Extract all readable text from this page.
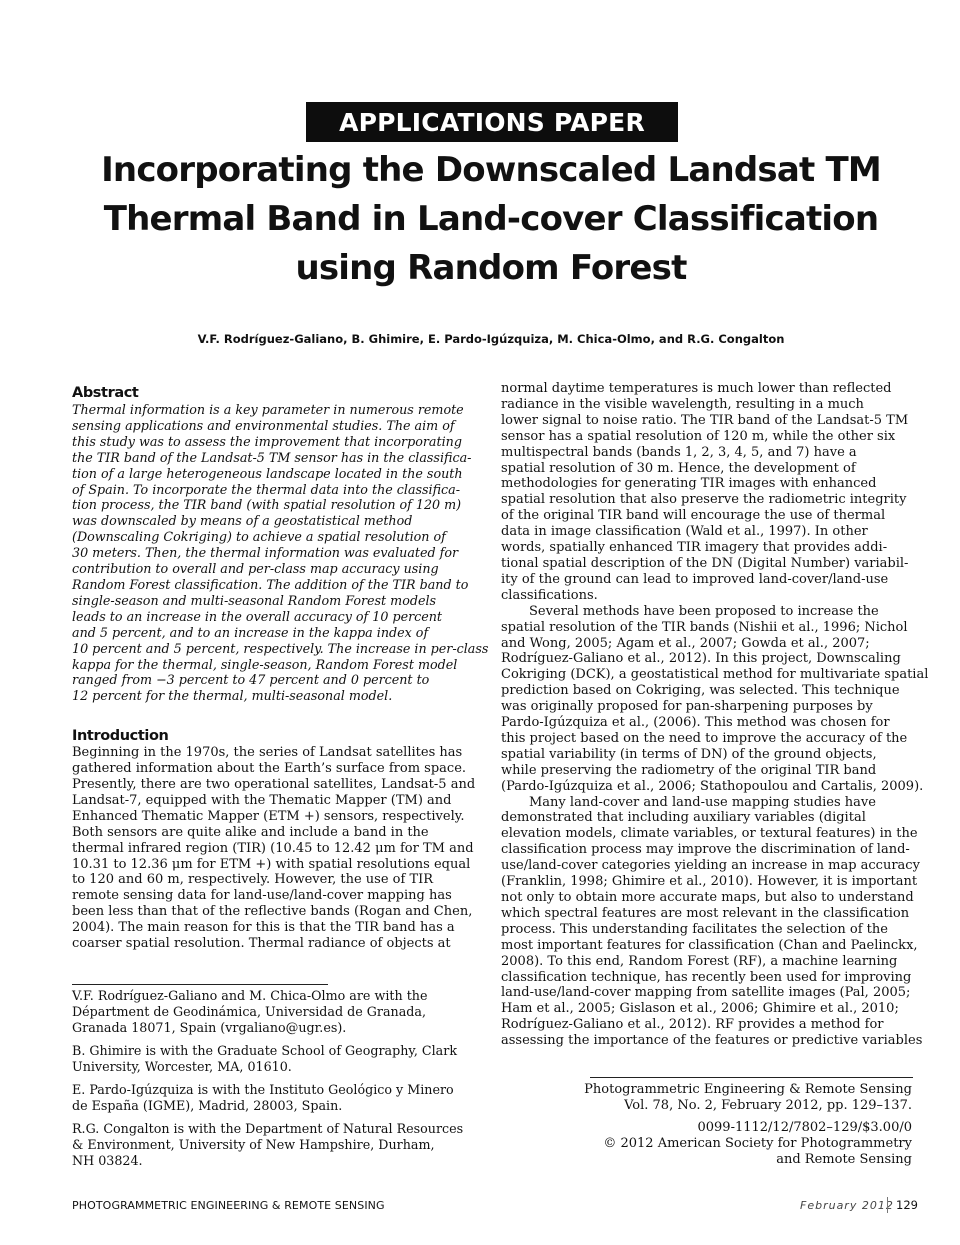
APPLICATIONS PAPER
Incorporating the Downscaled Landsat TM
Thermal Band in Land-cover Classification
using Random Forest
V.F. Rodríguez-Galiano, B. Ghimire, E. Pardo-Igúzquiza, M. Chica-Olmo, and R.G. Congalton
Abstract
Thermal information is a key parameter in numerous remote
sensing applications and environmental studies. The aim of
this study was to assess the improvement that incorporating
the TIR band of the Landsat-5 TM sensor has in the classifica-
tion of a large heterogeneous landscape located in the south
of Spain. To incorporate the thermal data into the classifica-
tion process, the TIR band (with spatial resolution of 120 m)
was downscaled by means of a geostatistical method
(Downscaling Cokriging) to achieve a spatial resolution of
30 meters. Then, the thermal information was evaluated for
contribution to overall and per-class map accuracy using
Random Forest classification. The addition of the TIR band to
single-season and multi-seasonal Random Forest models
leads to an increase in the overall accuracy of 10 percent
and 5 percent, and to an increase in the kappa index of
10 percent and 5 percent, respectively. The increase in per-class
kappa for the thermal, single-season, Random Forest model
ranged from −3 percent to 47 percent and 0 percent to
12 percent for the thermal, multi-seasonal model.
Introduction
Beginning in the 1970s, the series of Landsat satellites has
gathered information about the Earth’s surface from space.
Presently, there are two operational satellites, Landsat-5 and
Landsat-7, equipped with the Thematic Mapper (TM) and
Enhanced Thematic Mapper (ETM +) sensors, respectively.
Both sensors are quite alike and include a band in the
thermal infrared region (TIR) (10.45 to 12.42 μm for TM and
10.31 to 12.36 μm for ETM +) with spatial resolutions equal
to 120 and 60 m, respectively. However, the use of TIR
remote sensing data for land-use/land-cover mapping has
been less than that of the reflective bands (Rogan and Chen,
2004). The main reason for this is that the TIR band has a
coarser spatial resolution. Thermal radiance of objects at
V.F. Rodríguez-Galiano and M. Chica-Olmo are with the
Départment de Geodinámica, Universidad de Granada,
Granada 18071, Spain (vrgaliano@ugr.es).
B. Ghimire is with the Graduate School of Geography, Clark
University, Worcester, MA, 01610.
E. Pardo-Igúzquiza is with the Instituto Geológico y Minero
de España (IGME), Madrid, 28003, Spain.
R.G. Congalton is with the Department of Natural Resources
& Environment, University of New Hampshire, Durham,
NH 03824.
normal daytime temperatures is much lower than reflected
radiance in the visible wavelength, resulting in a much
lower signal to noise ratio. The TIR band of the Landsat-5 TM
sensor has a spatial resolution of 120 m, while the other six
multispectral bands (bands 1, 2, 3, 4, 5, and 7) have a
spatial resolution of 30 m. Hence, the development of
methodologies for generating TIR images with enhanced
spatial resolution that also preserve the radiometric integrity
of the original TIR band will encourage the use of thermal
data in image classification (Wald et al., 1997). In other
words, spatially enhanced TIR imagery that provides addi-
tional spatial description of the DN (Digital Number) variabil-
ity of the ground can lead to improved land-cover/land-use
classifications.
Several methods have been proposed to increase the
spatial resolution of the TIR bands (Nishii et al., 1996; Nichol
and Wong, 2005; Agam et al., 2007; Gowda et al., 2007;
Rodríguez-Galiano et al., 2012). In this project, Downscaling
Cokriging (DCK), a geostatistical method for multivariate spatial
prediction based on Cokriging, was selected. This technique
was originally proposed for pan-sharpening purposes by
Pardo-Igúzquiza et al., (2006). This method was chosen for
this project based on the need to improve the accuracy of the
spatial variability (in terms of DN) of the ground objects,
while preserving the radiometry of the original TIR band
(Pardo-Igúzquiza et al., 2006; Stathopoulou and Cartalis, 2009).
Many land-cover and land-use mapping studies have
demonstrated that including auxiliary variables (digital
elevation models, climate variables, or textural features) in the
classification process may improve the discrimination of land-
use/land-cover categories yielding an increase in map accuracy
(Franklin, 1998; Ghimire et al., 2010). However, it is important
not only to obtain more accurate maps, but also to understand
which spectral features are most relevant in the classification
process. This understanding facilitates the selection of the
most important features for classification (Chan and Paelinckx,
2008). To this end, Random Forest (RF), a machine learning
classification technique, has recently been used for improving
land-use/land-cover mapping from satellite images (Pal, 2005;
Ham et al., 2005; Gislason et al., 2006; Ghimire et al., 2010;
Rodríguez-Galiano et al., 2012). RF provides a method for
assessing the importance of the features or predictive variables
Photogrammetric Engineering & Remote Sensing
Vol. 78, No. 2, February 2012, pp. 129–137.
0099-1112/12/7802–129/$3.00/0
© 2012 American Society for Photogrammetry
and Remote Sensing
PHOTOGRAMMETRIC ENGINEERING & REMOTE SENSING	February 2012 129
